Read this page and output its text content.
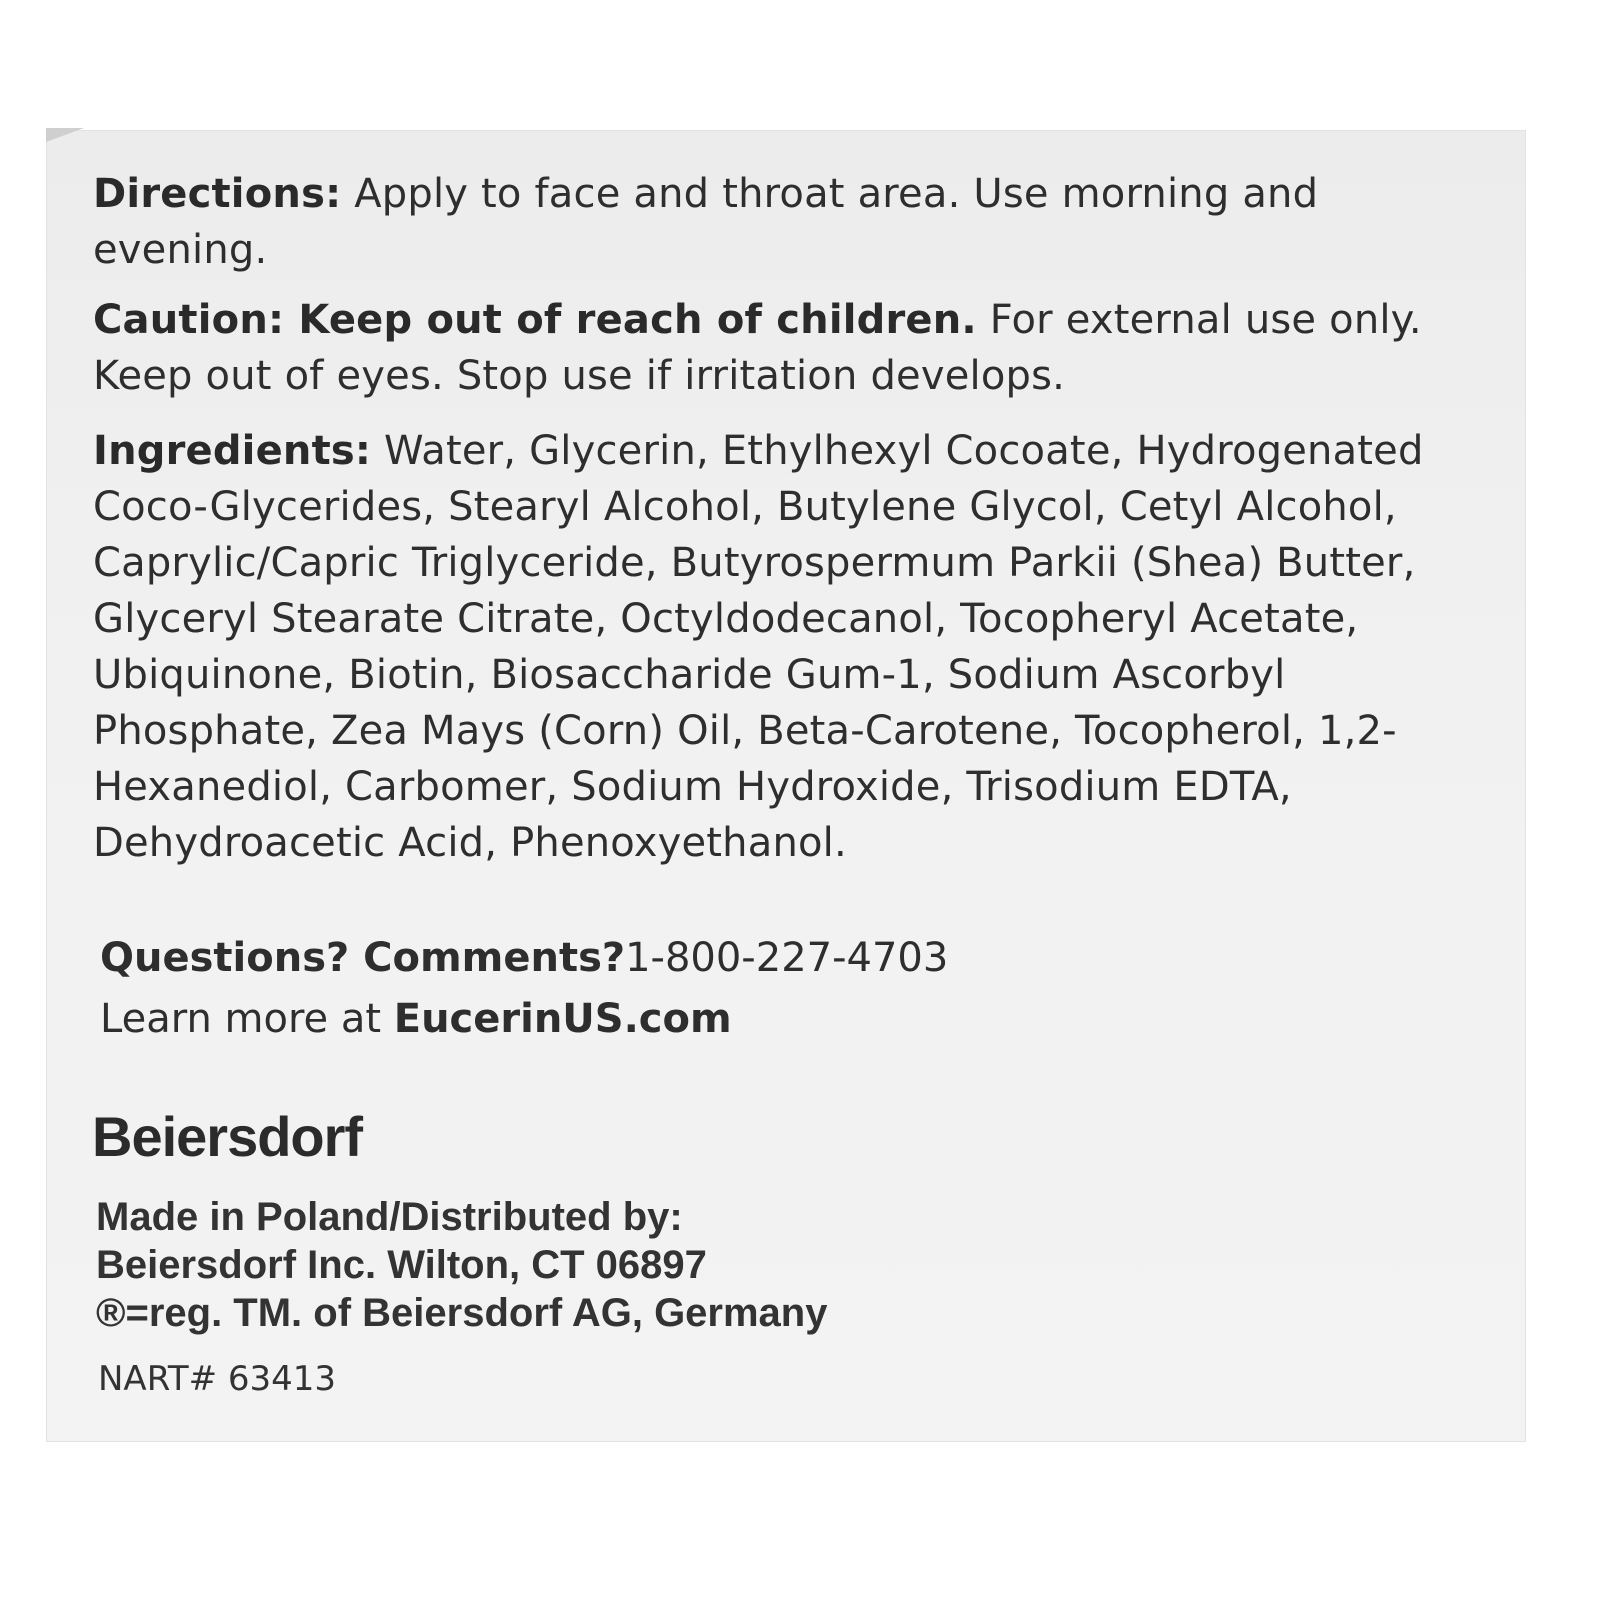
Directions: Apply to face and throat area. Use morning and evening.

Caution: Keep out of reach of children. For external use only. Keep out of eyes. Stop use if irritation develops.

Ingredients: Water, Glycerin, Ethylhexyl Cocoate, Hydrogenated Coco-Glycerides, Stearyl Alcohol, Butylene Glycol, Cetyl Alcohol, Caprylic/Capric Triglyceride, Butyrospermum Parkii (Shea) Butter, Glyceryl Stearate Citrate, Octyldodecanol, Tocopheryl Acetate, Ubiquinone, Biotin, Biosaccharide Gum-1, Sodium Ascorbyl Phosphate, Zea Mays (Corn) Oil, Beta-Carotene, Tocopherol, 1,2-Hexanediol, Carbomer, Sodium Hydroxide, Trisodium EDTA, Dehydroacetic Acid, Phenoxyethanol.

Questions? Comments?1-800-227-4703

Learn more at EucerinUS.com

Beiersdorf

Made in Poland/Distributed by:

Beiersdorf Inc. Wilton, CT 06897

®=reg. TM. of Beiersdorf AG, Germany

NART# 63413
